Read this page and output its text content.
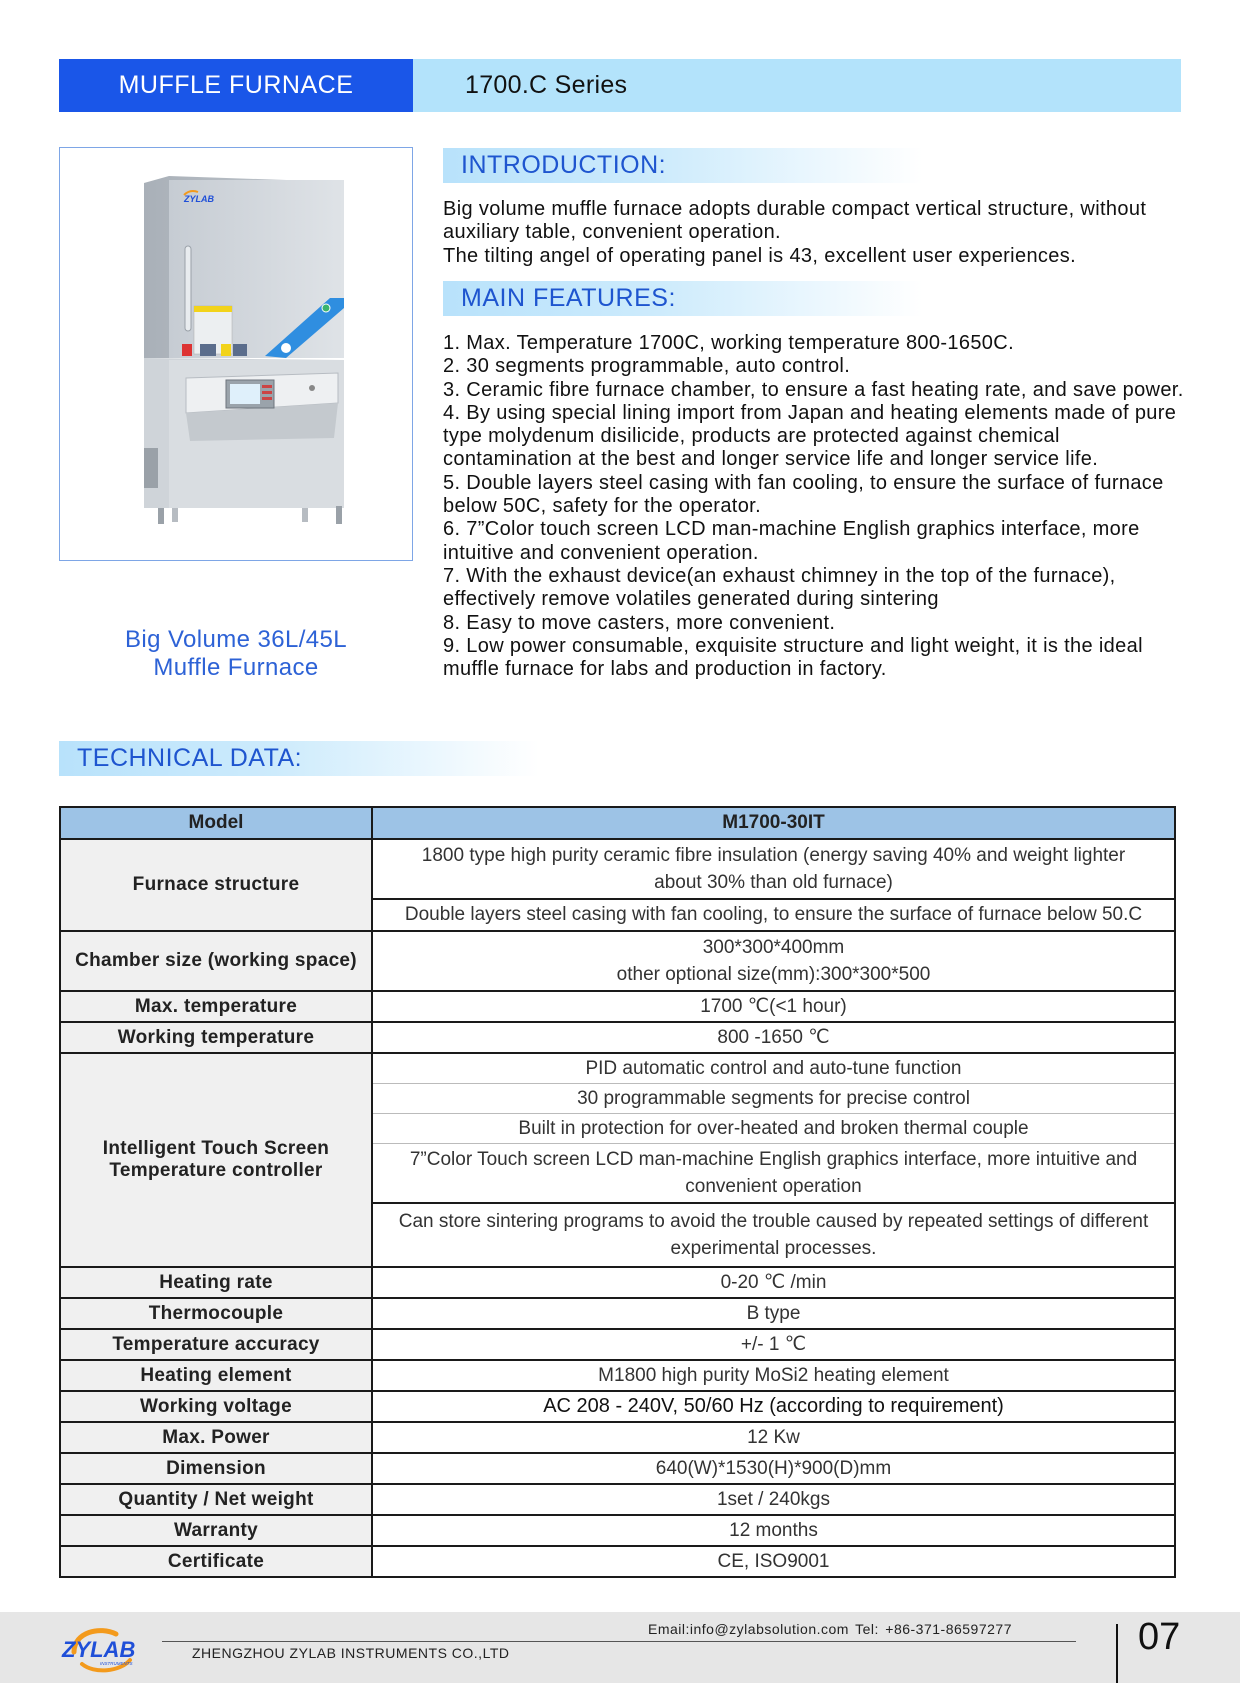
MUFFLE FURNACE	1700.C Series
ZYLAB
Big Volume 36L/45L
Muffle Furnace
INTRODUCTION:

Big volume muffle furnace adopts durable compact vertical structure, without auxiliary table, convenient operation.

The tilting angel of operating panel is 43, excellent user experiences.

MAIN FEATURES:

1. Max. Temperature 1700C, working temperature 800-1650C.

2. 30 segments programmable, auto control.

3. Ceramic fibre furnace chamber, to ensure a fast heating rate, and save power.

4. By using special lining import from Japan and heating elements made of pure type molydenum disilicide, products are protected against chemical contamination at the best and longer service life and longer service life.

5. Double layers steel casing with fan cooling, to ensure the surface of furnace below 50C, safety for the operator.

6. 7”Color touch screen LCD man-machine English graphics interface, more intuitive and convenient operation.

7. With the exhaust device(an exhaust chimney in the top of the furnace), effectively remove volatiles generated during sintering

8. Easy to move casters, more convenient.

9. Low power consumable, exquisite structure and light weight, it is the ideal muffle furnace for labs and production in factory.

TECHNICAL DATA:
Model	M1700-30IT
Furnace structure	1800 type high purity ceramic fibre insulation (energy saving 40% and weight lighter about 30% than old furnace)
	Double layers steel casing with fan cooling, to ensure the surface of furnace below 50.C
Chamber size (working space)	300*300*400mm
other optional size(mm):300*300*500

Max. temperature	1700 ℃(<1 hour)
Working temperature	800 -1650 ℃

Intelligent Touch Screen
Temperature controller	PID automatic control and auto-tune function
	30 programmable segments for precise control
	Built in protection for over-heated and broken thermal couple
	7”Color Touch screen LCD man-machine English graphics interface, more intuitive and convenient operation
	Can store sintering programs to avoid the trouble caused by repeated settings of different experimental processes.
Heating rate	0-20 ℃ /min
Thermocouple	B type
Temperature accuracy	+/- 1 ℃
Heating element	M1800 high purity MoSi2 heating element
Working voltage	AC 208 - 240V, 50/60 Hz (according to requirement)
Max. Power	12 Kw
Dimension	640(W)*1530(H)*900(D)mm
Quantity / Net weight	1set / 240kgs
Warranty	12 months
Certificate	CE, ISO9001
ZYLAB
INSTRUMENTS
Email:info@zylabsolution.com Tel: +86-371-86597277
ZHENGZHOU ZYLAB INSTRUMENTS CO.,LTD	07
